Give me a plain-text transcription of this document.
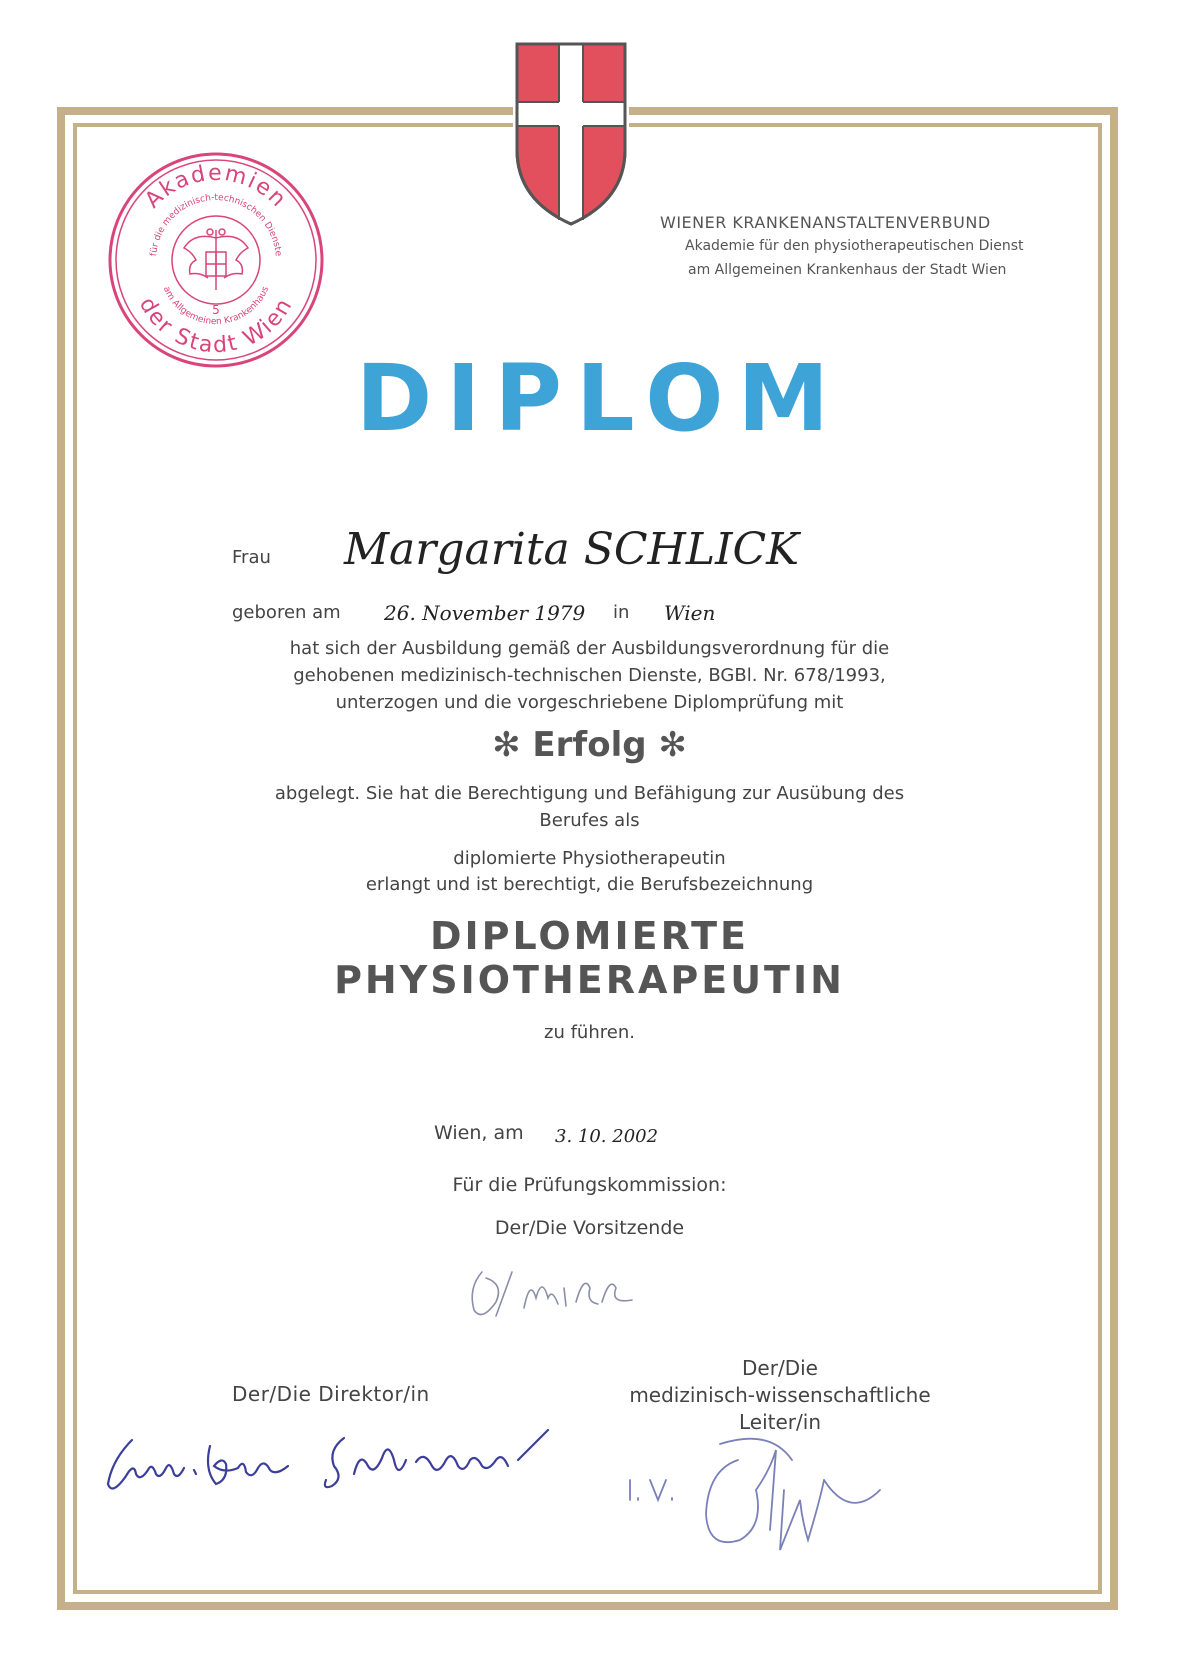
Akademien
für die medizinisch-technischen Dienste
der Stadt Wien
am Allgemeinen Krankenhaus
5
WIENER KRANKENANSTALTENVERBUND
Akademie für den physiotherapeutischen Dienst
am Allgemeinen Krankenhaus der Stadt Wien
DIPLOM
Frau Margarita SCHLICK
geboren am 26. November 1979 in Wien
hat sich der Ausbildung gemäß der Ausbildungsverordnung für die
gehobenen medizinisch-technischen Dienste, BGBl. Nr. 678/1993,
unterzogen und die vorgeschriebene Diplomprüfung mit
✻ Erfolg ✻
abgelegt. Sie hat die Berechtigung und Befähigung zur Ausübung des
Berufes als
diplomierte Physiotherapeutin
erlangt und ist berechtigt, die Berufsbezeichnung
DIPLOMIERTE
PHYSIOTHERAPEUTIN
zu führen.
Wien, am 3. 10. 2002
Für die Prüfungskommission:
Der/Die Vorsitzende
Der/Die Direktor/in
Der/Die
medizinisch-wissenschaftliche
Leiter/in
